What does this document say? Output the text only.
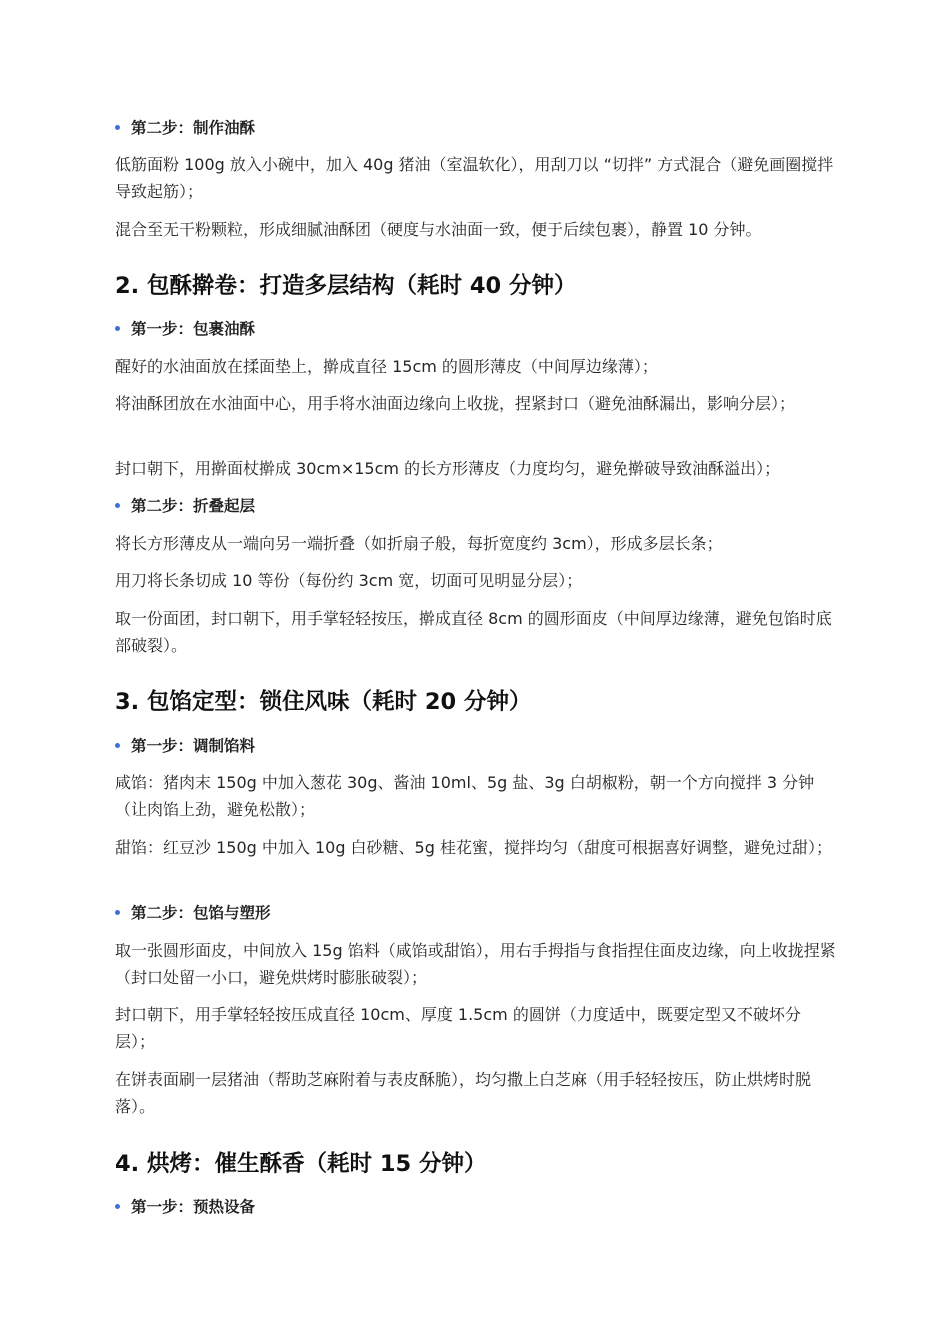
第二步：制作油酥
低筋面粉 100g 放入小碗中，加入 40g 猪油（室温软化），用刮刀以 “切拌” 方式混合（避免画圈搅拌导致起筋）；
混合至无干粉颗粒，形成细腻油酥团（硬度与水油面一致，便于后续包裹），静置 10 分钟。
2. 包酥擀卷：打造多层结构（耗时 40 分钟）
第一步：包裹油酥
醒好的水油面放在揉面垫上，擀成直径 15cm 的圆形薄皮（中间厚边缘薄）；
将油酥团放在水油面中心，用手将水油面边缘向上收拢，捏紧封口（避免油酥漏出，影响分层）；
封口朝下，用擀面杖擀成 30cm×15cm 的长方形薄皮（力度均匀，避免擀破导致油酥溢出）；
第二步：折叠起层
将长方形薄皮从一端向另一端折叠（如折扇子般，每折宽度约 3cm），形成多层长条；
用刀将长条切成 10 等份（每份约 3cm 宽，切面可见明显分层）；
取一份面团，封口朝下，用手掌轻轻按压，擀成直径 8cm 的圆形面皮（中间厚边缘薄，避免包馅时底部破裂）。
3. 包馅定型：锁住风味（耗时 20 分钟）
第一步：调制馅料
咸馅：猪肉末 150g 中加入葱花 30g、酱油 10ml、5g 盐、3g 白胡椒粉，朝一个方向搅拌 3 分钟（让肉馅上劲，避免松散）；
甜馅：红豆沙 150g 中加入 10g 白砂糖、5g 桂花蜜，搅拌均匀（甜度可根据喜好调整，避免过甜）；
第二步：包馅与塑形
取一张圆形面皮，中间放入 15g 馅料（咸馅或甜馅），用右手拇指与食指捏住面皮边缘，向上收拢捏紧（封口处留一小口，避免烘烤时膨胀破裂）；
封口朝下，用手掌轻轻按压成直径 10cm、厚度 1.5cm 的圆饼（力度适中，既要定型又不破坏分层）；
在饼表面刷一层猪油（帮助芝麻附着与表皮酥脆），均匀撒上白芝麻（用手轻轻按压，防止烘烤时脱落）。
4. 烘烤：催生酥香（耗时 15 分钟）
第一步：预热设备
